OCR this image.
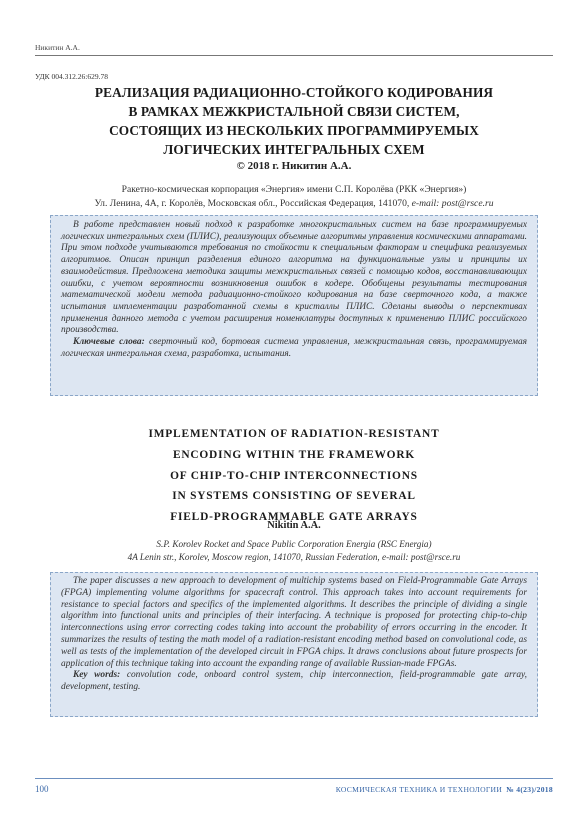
Никитин А.А.
УДК 004.312.26:629.78
РЕАЛИЗАЦИЯ РАДИАЦИОННО-СТОЙКОГО КОДИРОВАНИЯ
В РАМКАХ МЕЖКРИСТАЛЬНОЙ СВЯЗИ СИСТЕМ,
СОСТОЯЩИХ ИЗ НЕСКОЛЬКИХ ПРОГРАММИРУЕМЫХ
ЛОГИЧЕСКИХ ИНТЕГРАЛЬНЫХ СХЕМ
© 2018 г. Никитин А.А.
Ракетно-космическая корпорация «Энергия» имени С.П. Королёва (РКК «Энергия»)
Ул. Ленина, 4А, г. Королёв, Московская обл., Российская Федерация, 141070, e-mail: post@rsce.ru

В работе представлен новый подход к разработке многокристальных систем на базе программируемых логических интегральных схем (ПЛИС), реализующих объемные алгоритмы управления космическими аппаратами. При этом подходе учитываются требования по стойкости к специальным факторам и специфика реализуемых алгоритмов. Описан принцип разделения единого алгоритма на функциональные узлы и принципы их взаимодействия. Предложена методика защиты межкристальных связей с помощью кодов, восстанавливающих ошибки, с учетом вероятности возникновения ошибок в кодере. Обобщены результаты тестирования математической модели метода радиационно-стойкого кодирования на базе сверточного кода, а также испытания имплементации разработанной схемы в кристаллы ПЛИС. Сделаны выводы о перспективах применения данного метода с учетом расширения номенклатуры доступных к применению ПЛИС российского производства.

Ключевые слова: сверточный код, бортовая система управления, межкристальная связь, программируемая логическая интегральная схема, разработка, испытания.

IMPLEMENTATION OF RADIATION-RESISTANT
ENCODING WITHIN THE FRAMEWORK
OF CHIP-TO-CHIP INTERCONNECTIONS
IN SYSTEMS CONSISTING OF SEVERAL
FIELD-PROGRAMMABLE GATE ARRAYS
Nikitin A.A.
S.P. Korolev Rocket and Space Public Corporation Energia (RSC Energia)
4A Lenin str., Korolev, Moscow region, 141070, Russian Federation, e-mail: post@rsce.ru

The paper discusses a new approach to development of multichip systems based on Field-Programmable Gate Arrays (FPGA) implementing volume algorithms for spacecraft control. This approach takes into account requirements for resistance to special factors and specifics of the implemented algorithms. It describes the principle of dividing a single algorithm into functional units and principles of their interfacing. A technique is proposed for protecting chip-to-chip interconnections using error correcting codes taking into account the probability of errors occurring in the encoder. It summarizes the results of testing the math model of a radiation-resistant encoding method based on convolutional code, as well as tests of the implementation of the developed circuit in FPGA chips. It draws conclusions about future prospects for application of this technique taking into account the expanding range of available Russian-made FPGAs.

Key words: convolution code, onboard control system, chip interconnection, field-programmable gate array, development, testing.

100	КОСМИЧЕСКАЯ ТЕХНИКА И ТЕХНОЛОГИИ № 4(23)/2018
